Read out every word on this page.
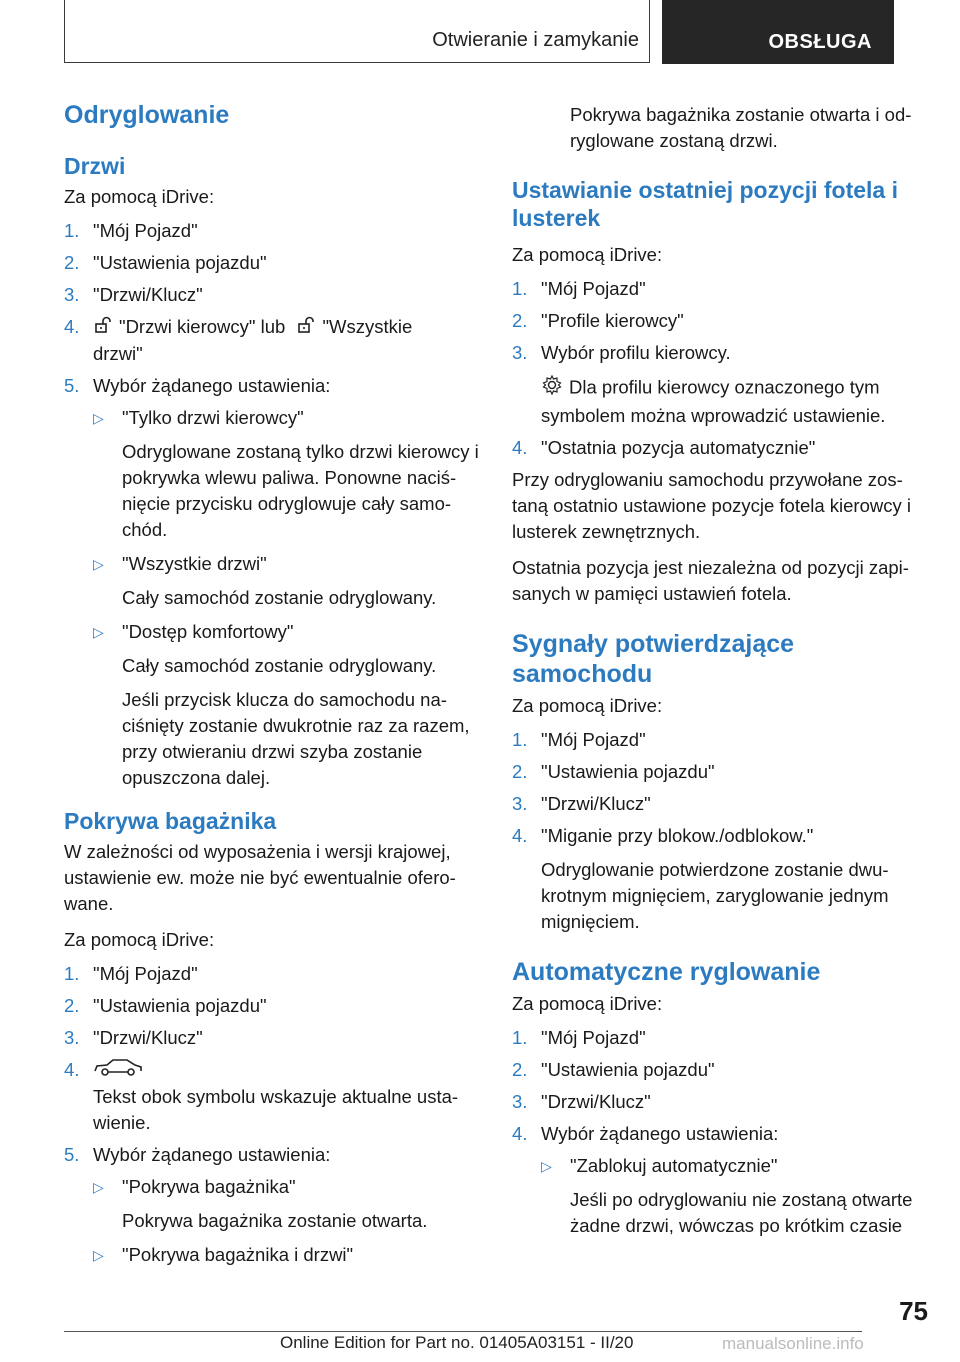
Otwieranie i zamykanie	OBSŁUGA
Odryglowanie
Drzwi

Za pomocą iDrive:

1. "Mój Pojazd"
2. "Ustawienia pojazdu"
3. "Drzwi/Klucz"
4. "Drzwi kierowcy" lub "Wszystkie
drzwi"
5. Wybór żądanego ustawienia:
▷ "Tylko drzwi kierowcy"

Odryglowane zostaną tylko drzwi kierowcy i pokrywka wlewu paliwa. Ponowne naciśnięcie przycisku odryglowuje cały samochód.

▷ "Wszystkie drzwi"

Cały samochód zostanie odryglowany.

▷ "Dostęp komfortowy"

Cały samochód zostanie odryglowany.

Jeśli przycisk klucza do samochodu naciśnięty zostanie dwukrotnie raz za razem, przy otwieraniu drzwi szyba zostanie opuszczona dalej.

Pokrywa bagażnika

W zależności od wyposażenia i wersji krajowej, ustawienie ew. może nie być ewentualnie oferowane.

Za pomocą iDrive:

1. "Mój Pojazd"
2. "Ustawienia pojazdu"
3. "Drzwi/Klucz"
4.

Tekst obok symbolu wskazuje aktualne ustawienie.

5. Wybór żądanego ustawienia:
▷ "Pokrywa bagażnika"

Pokrywa bagażnika zostanie otwarta.

▷ "Pokrywa bagażnika i drzwi"

Pokrywa bagażnika zostanie otwarta i odryglowane zostaną drzwi.

Ustawianie ostatniej pozycji fotela i lusterek

Za pomocą iDrive:

1. "Mój Pojazd"
2. "Profile kierowcy"
3. Wybór profilu kierowcy.

Dla profilu kierowcy oznaczonego tym symbolem można wprowadzić ustawienie.

4. "Ostatnia pozycja automatycznie"

Przy odryglowaniu samochodu przywołane zostaną ostatnio ustawione pozycje fotela kierowcy i lusterek zewnętrznych.

Ostatnia pozycja jest niezależna od pozycji zapisanych w pamięci ustawień fotela.

Sygnały potwierdzające samochodu

Za pomocą iDrive:

1. "Mój Pojazd"
2. "Ustawienia pojazdu"
3. "Drzwi/Klucz"
4. "Miganie przy blokow./odblokow."

Odryglowanie potwierdzone zostanie dwukrotnym mignięciem, zaryglowanie jednym mignięciem.

Automatyczne ryglowanie

Za pomocą iDrive:

1. "Mój Pojazd"
2. "Ustawienia pojazdu"
3. "Drzwi/Klucz"
4. Wybór żądanego ustawienia:
▷ "Zablokuj automatycznie"

Jeśli po odryglowaniu nie zostaną otwarte żadne drzwi, wówczas po krótkim czasie

75
Online Edition for Part no. 01405A03151 - II/20	manualsonline.info
